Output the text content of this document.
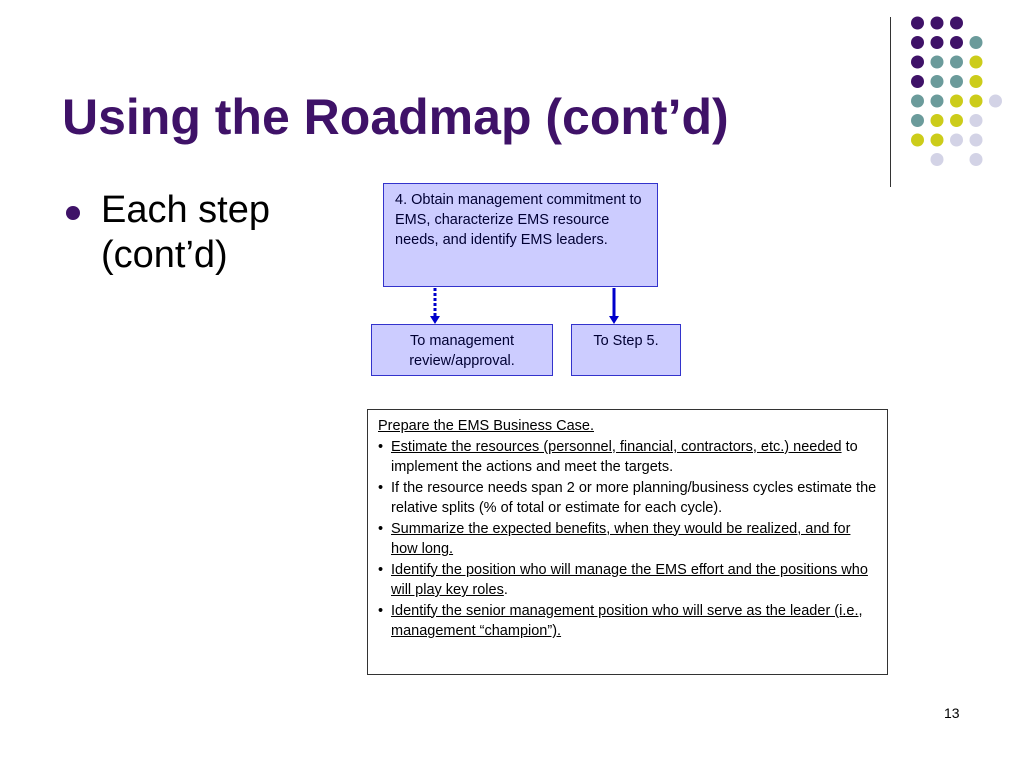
Using the Roadmap (cont’d)
Each step (cont’d)
4. Obtain management commitment to EMS, characterize EMS resource needs, and identify EMS leaders.
To management review/approval.
To Step 5.
Prepare the EMS Business Case.
• Estimate the resources (personnel, financial, contractors, etc.) needed to implement the actions and meet the targets.
• If the resource needs span 2 or more planning/business cycles estimate the relative splits (% of total or estimate for each cycle).
• Summarize the expected benefits, when they would be realized, and for how long.
• Identify the position who will manage the EMS effort and the positions who will play key roles.
• Identify the senior management position who will serve as the leader (i.e., management “champion”).
13
